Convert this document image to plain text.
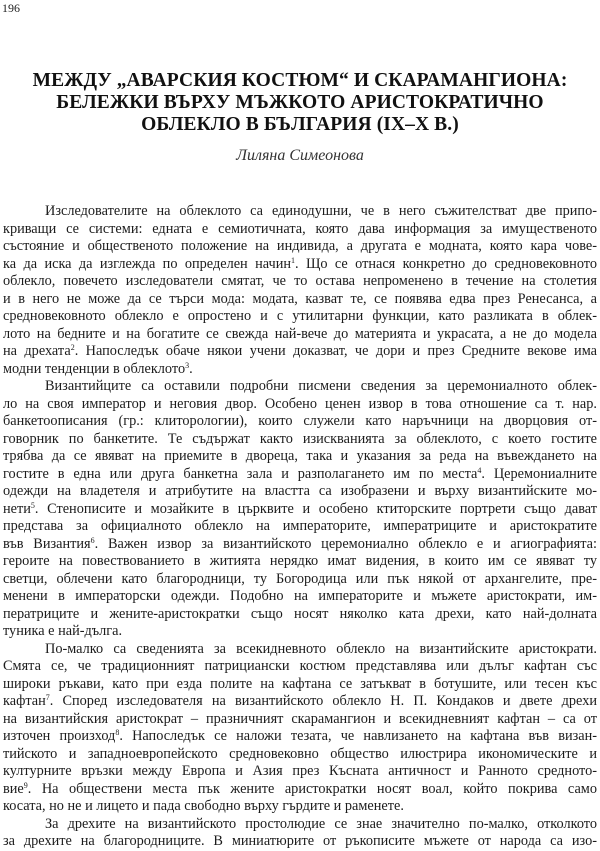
196
МЕЖДУ „АВАРСКИЯ КОСТЮМ“ И СКАРАМАНГИОНА:
БЕЛЕЖКИ ВЪРХУ МЪЖКОТО АРИСТОКРАТИЧНО
ОБЛЕКЛО В БЪЛГАРИЯ (IX–X В.)
Лиляна Симеонова
Изследователите на облеклото са единодушни, че в него съжителстват две припо-
криващи се системи: едната е семиотичната, която дава информация за имущественото
състояние и общественото положение на индивида, а другата е модната, която кара чове-
ка да иска да изглежда по определен начин$^1$. Що се отнася конкретно до средновековното
облекло, повечето изследователи смятат, че то остава непроменено в течение на столетия
и в него не може да се търси мода: модата, казват те, се появява едва през Ренесанса, а
средновековното облекло е опростено и с утилитарни функции, като разликата в облек-
лото на бедните и на богатите се свежда най-вече до материята и украсата, а не до модела
на дрехата$^2$. Напоследък обаче някои учени доказват, че дори и през Средните векове има
модни тенденции в облеклото$^3$.
Византийците са оставили подробни писмени сведения за церемониалното облек-
ло на своя император и неговия двор. Особено ценен извор в това отношение са т. нар.
банкетоописания (гр.: клиторологии), които служели като наръчници на дворцовия от-
говорник по банкетите. Те съдържат както изискванията за облеклото, с което гостите
трябва да се явяват на приемите в двореца, така и указания за реда на въвеждането на
гостите в една или друга банкетна зала и разполагането им по места$^4$. Церемониалните
одежди на владетеля и атрибутите на властта са изобразени и върху византийските мо-
нети$^5$. Стенописите и мозайките в църквите и особено ктиторските портрети също дават
представа за официалното облекло на императорите, императриците и аристократите
във Византия$^6$. Важен извор за византийското церемониално облекло е и агиографията:
героите на повествованието в житията нерядко имат видения, в които им се явяват ту
светци, облечени като благородници, ту Богородица или пък някой от архангелите, пре-
менени в императорски одежди. Подобно на императорите и мъжете аристократи, им-
ператриците и жените-аристократки също носят няколко ката дрехи, като най-долната
туника е най-дълга.
По-малко са сведенията за всекидневното облекло на византийските аристократи.
Смята се, че традиционният патрициански костюм представлява или дълъг кафтан със
широки ръкави, като при езда полите на кафтана се затъкват в ботушите, или тесен къс
кафтан$^7$. Според изследователя на византийското облекло Н. П. Кондаков и двете дрехи
на византийския аристократ – празничният скарамангион и всекидневният кафтан – са от
източен произход$^8$. Напоследък се наложи тезата, че навлизането на кафтана във визан-
тийското и западноевропейското средновековно общество илюстрира икономическите и
културните връзки между Европа и Азия през Късната античност и Ранното средното-
вие$^9$. На обществени места пък жените аристократки носят воал, който покрива само
косата, но не и лицето и пада свободно върху гърдите и раменете.
За дрехите на византийското простолюдие се знае значително по-малко, отколкото
за дрехите на благородниците. В миниатюрите от ръкописите мъжете от народа са изо-
